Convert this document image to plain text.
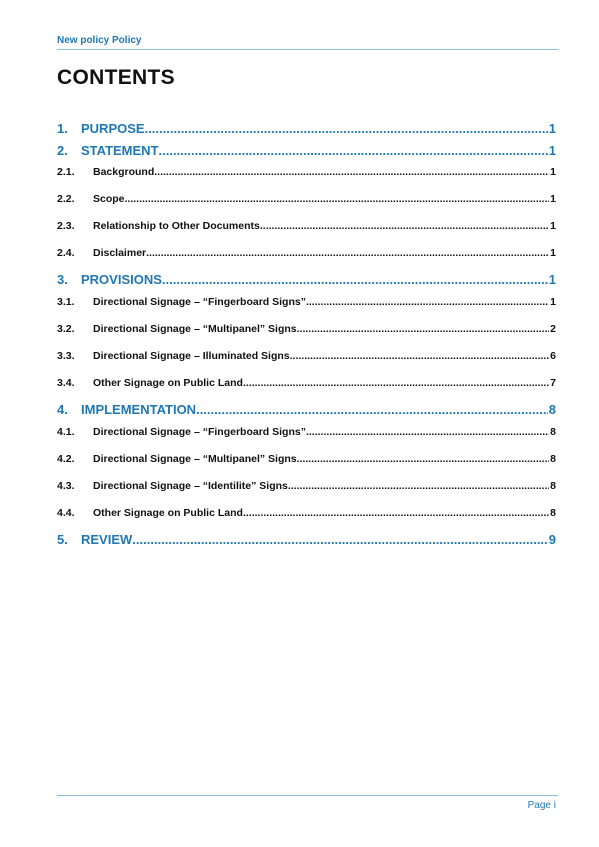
New policy Policy
CONTENTS
1.	PURPOSE .....	1
2.	STATEMENT .....	1
2.1.	Background .....	1
2.2.	Scope .....	1
2.3.	Relationship to Other Documents .....	1
2.4.	Disclaimer .....	1
3.	PROVISIONS .....	1
3.1.	Directional Signage – “Fingerboard Signs” .....	1
3.2.	Directional Signage – “Multipanel” Signs .....	2
3.3.	Directional Signage – Illuminated Signs .....	6
3.4.	Other Signage on Public Land .....	7
4.	IMPLEMENTATION .....	8
4.1.	Directional Signage – “Fingerboard Signs” .....	8
4.2.	Directional Signage – “Multipanel” Signs .....	8
4.3.	Directional Signage – “Identilite” Signs .....	8
4.4.	Other Signage on Public Land .....	8
5.	REVIEW .....	9
Page i
